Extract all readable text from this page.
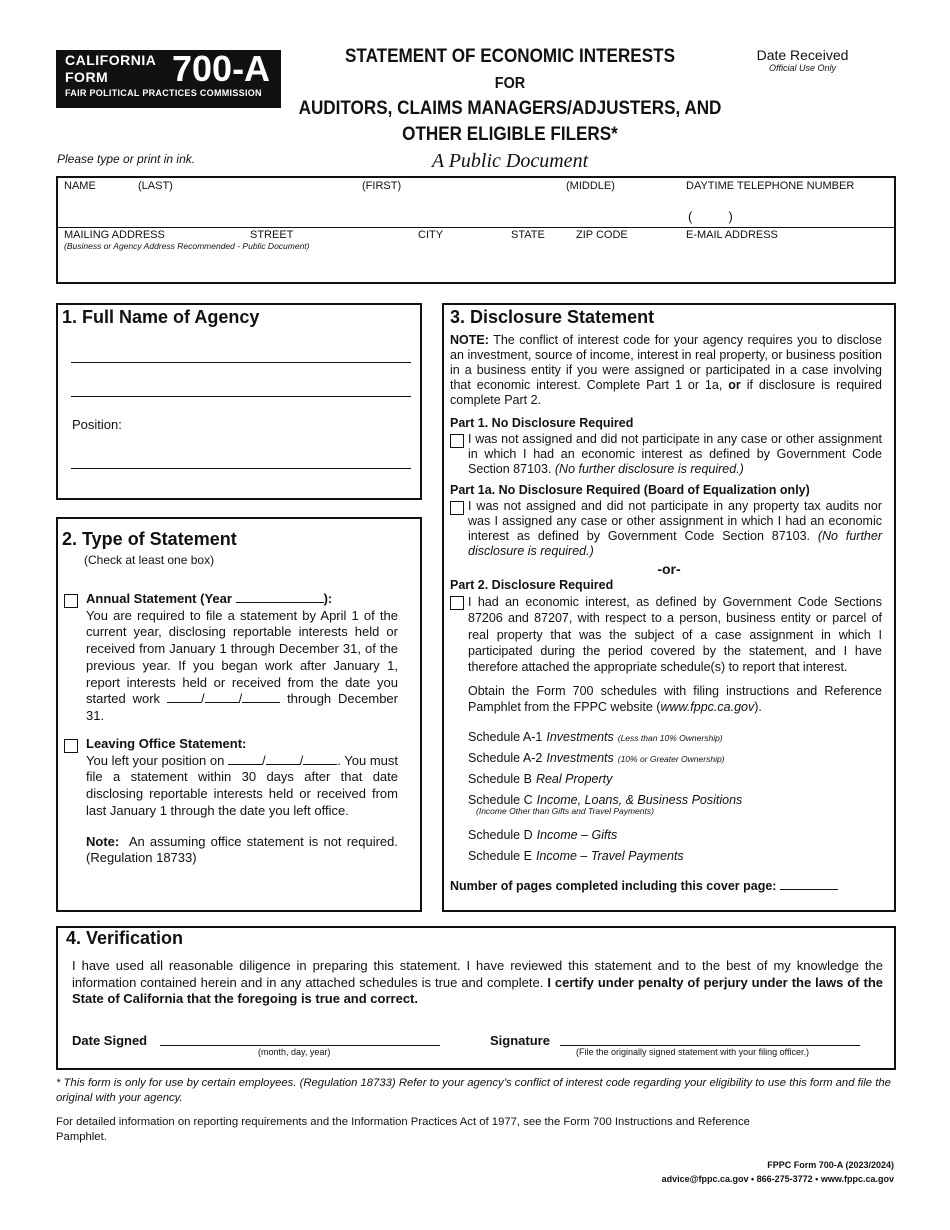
CALIFORNIA
FORM 700-A
FAIR POLITICAL PRACTICES COMMISSION
STATEMENT OF ECONOMIC INTERESTS
FOR
AUDITORS, CLAIMS MANAGERS/ADJUSTERS, AND
OTHER ELIGIBLE FILERS*
A Public Document
Date Received
Official Use Only
Please type or print in ink.
NAME	(LAST)	(FIRST)	(MIDDLE)	DAYTIME TELEPHONE NUMBER
(          )
MAILING ADDRESS	STREET	CITY	STATE	ZIP CODE	E-MAIL ADDRESS
(Business or Agency Address Recommended - Public Document)
1. Full Name of Agency
Position:
2. Type of Statement
(Check at least one box)
Annual Statement (Year	):
You are required to file a statement by April 1 of the current year, disclosing reportable interests held or received from January 1 through December 31, of the previous year. If you began work after January 1, report interests held or received from the date you started work	/	/	through December 31.
Leaving Office Statement:
You left your position on	/	/	. You must file a statement within 30 days after that date disclosing reportable interests held or received from last January 1 through the date you left office.
Note: An assuming office statement is not required. (Regulation 18733)
3. Disclosure Statement
NOTE: The conflict of interest code for your agency requires you to disclose an investment, source of income, interest in real property, or business position in a business entity if you were assigned or participated in a case involving that economic interest. Complete Part 1 or 1a, or if disclosure is required complete Part 2.
Part 1. No Disclosure Required
I was not assigned and did not participate in any case or other assignment in which I had an economic interest as defined by Government Code Section 87103. (No further disclosure is required.)
Part 1a. No Disclosure Required (Board of Equalization only)
I was not assigned and did not participate in any property tax audits nor was I assigned any case or other assignment in which I had an economic interest as defined by Government Code Section 87103. (No further disclosure is required.)
-or-
Part 2. Disclosure Required
I had an economic interest, as defined by Government Code Sections 87206 and 87207, with respect to a person, business entity or parcel of real property that was the subject of a case assignment in which I participated during the period covered by the statement, and I have therefore attached the appropriate schedule(s) to report that interest.
Obtain the Form 700 schedules with filing instructions and Reference Pamphlet from the FPPC website (www.fppc.ca.gov).
Schedule A-1 Investments (Less than 10% Ownership)
Schedule A-2 Investments (10% or Greater Ownership)
Schedule B Real Property
Schedule C Income, Loans, & Business Positions
(Income Other than Gifts and Travel Payments)
Schedule D Income – Gifts
Schedule E Income – Travel Payments
Number of pages completed including this cover page:
4. Verification
I have used all reasonable diligence in preparing this statement. I have reviewed this statement and to the best of my knowledge the information contained herein and in any attached schedules is true and complete. I certify under penalty of perjury under the laws of the State of California that the foregoing is true and correct.
Date Signed
(month, day, year)
Signature
(File the originally signed statement with your filing officer.)
* This form is only for use by certain employees. (Regulation 18733) Refer to your agency’s conflict of interest code regarding your eligibility to use this form and file the original with your agency.
For detailed information on reporting requirements and the Information Practices Act of 1977, see the Form 700 Instructions and Reference Pamphlet.
FPPC Form 700-A (2023/2024)
advice@fppc.ca.gov • 866-275-3772 • www.fppc.ca.gov
